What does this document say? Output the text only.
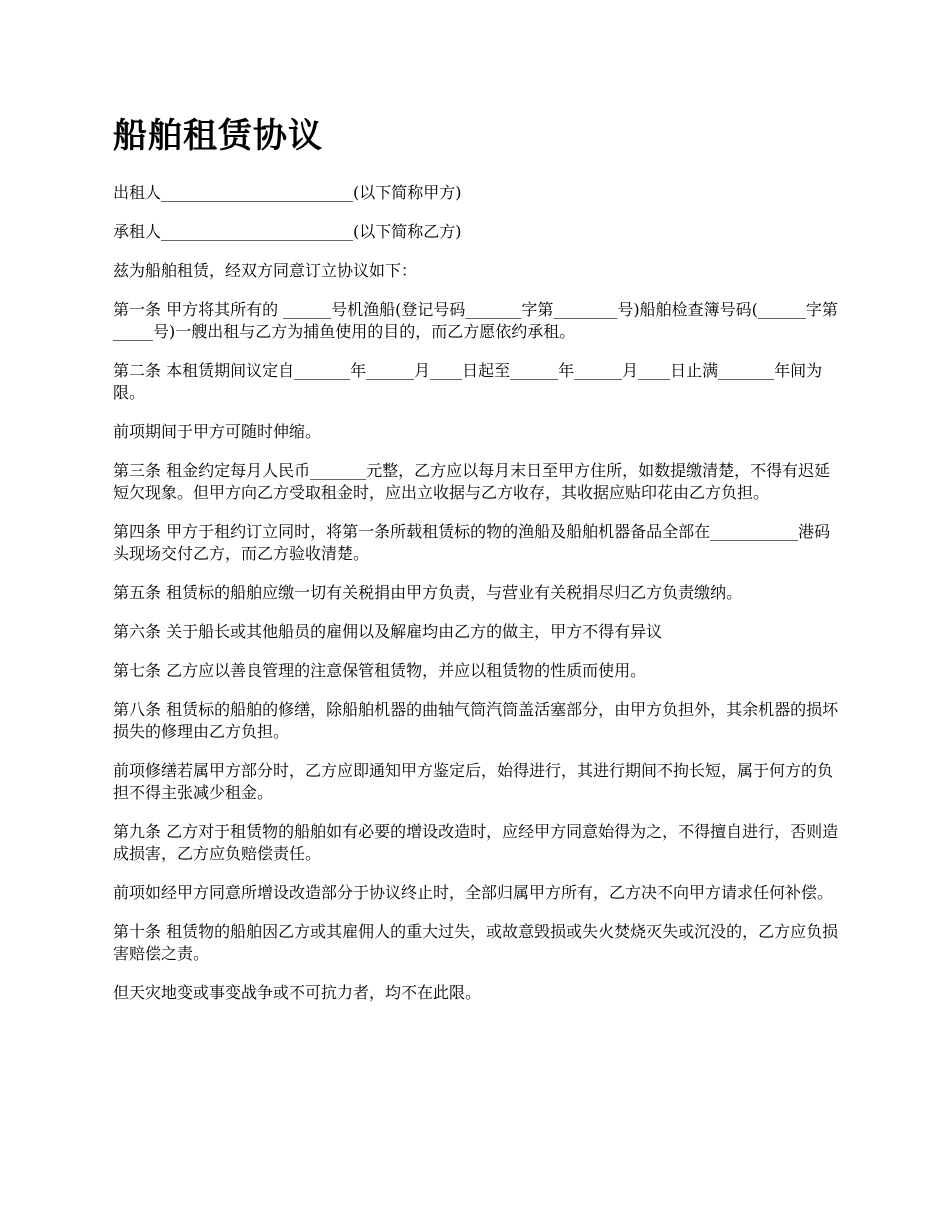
船舶租赁协议

出租人________________________(以下简称甲方)

承租人________________________(以下简称乙方)

兹为船舶租赁，经双方同意订立协议如下：

第一条 甲方将其所有的 ______号机渔船(登记号码_______字第________号)船舶检查簿号码(______字第_____号)一艘出租与乙方为捕鱼使用的目的，而乙方愿依约承租。

第二条 本租赁期间议定自_______年______月____日起至______年______月____日止满_______年间为限。

前项期间于甲方可随时伸缩。

第三条 租金约定每月人民币_______元整，乙方应以每月末日至甲方住所，如数提缴清楚，不得有迟延短欠现象。但甲方向乙方受取租金时，应出立收据与乙方收存，其收据应贴印花由乙方负担。

第四条 甲方于租约订立同时，将第一条所载租赁标的物的渔船及船舶机器备品全部在___________港码头现场交付乙方，而乙方验收清楚。

第五条 租赁标的船舶应缴一切有关税捐由甲方负责，与营业有关税捐尽归乙方负责缴纳。

第六条 关于船长或其他船员的雇佣以及解雇均由乙方的做主，甲方不得有异议

第七条 乙方应以善良管理的注意保管租赁物，并应以租赁物的性质而使用。

第八条 租赁标的船舶的修缮，除船舶机器的曲轴气筒汽筒盖活塞部分，由甲方负担外，其余机器的损坏损失的修理由乙方负担。

前项修缮若属甲方部分时，乙方应即通知甲方鉴定后，始得进行，其进行期间不拘长短，属于何方的负担不得主张减少租金。

第九条 乙方对于租赁物的船舶如有必要的增设改造时，应经甲方同意始得为之，不得擅自进行，否则造成损害，乙方应负赔偿责任。

前项如经甲方同意所增设改造部分于协议终止时，全部归属甲方所有，乙方决不向甲方请求任何补偿。

第十条 租赁物的船舶因乙方或其雇佣人的重大过失，或故意毁损或失火焚烧灭失或沉没的，乙方应负损害赔偿之责。

但天灾地变或事变战争或不可抗力者，均不在此限。
